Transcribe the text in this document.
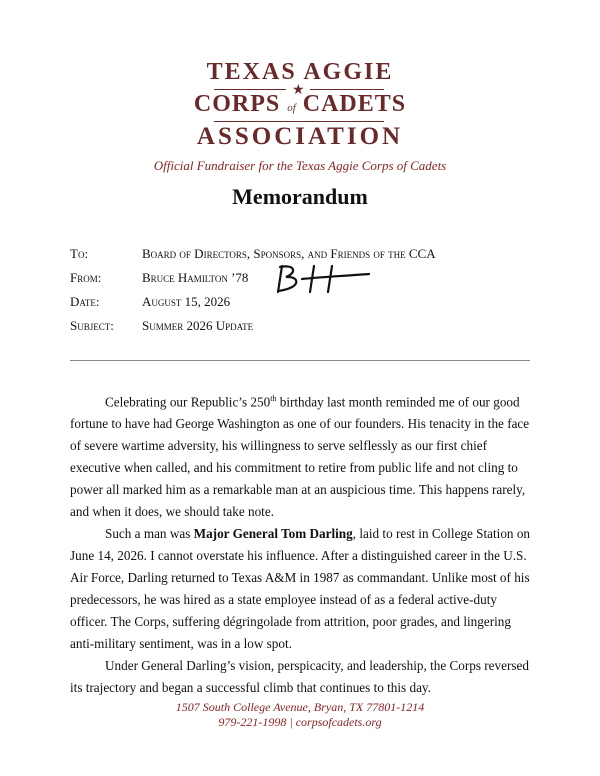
TEXAS AGGIE
CORPS of CADETS
ASSOCIATION
★
Official Fundraiser for the Texas Aggie Corps of Cadets
Memorandum
To:	Board of Directors, Sponsors, and Friends of the CCA
From:	Bruce Hamilton ’78
Date:	August 15, 2026
Subject: Summer 2026 Update

Celebrating our Republic’s 250th birthday last month reminded me of our good fortune to have had George Washington as one of our founders. His tenacity in the face of severe wartime adversity, his willingness to serve selflessly as our first chief executive when called, and his commitment to retire from public life and not cling to power all marked him as a remarkable man at an auspicious time. This happens rarely, and when it does, we should take note.

Such a man was Major General Tom Darling, laid to rest in College Station on June 14, 2026. I cannot overstate his influence. After a distinguished career in the U.S. Air Force, Darling returned to Texas A&M in 1987 as commandant. Unlike most of his predecessors, he was hired as a state employee instead of as a federal active-duty officer. The Corps, suffering dégringolade from attrition, poor grades, and lingering anti-military sentiment, was in a low spot.

Under General Darling’s vision, perspicacity, and leadership, the Corps reversed its trajectory and began a successful climb that continues to this day.

1507 South College Avenue, Bryan, TX 77801-1214
979-221-1998 | corpsofcadets.org
